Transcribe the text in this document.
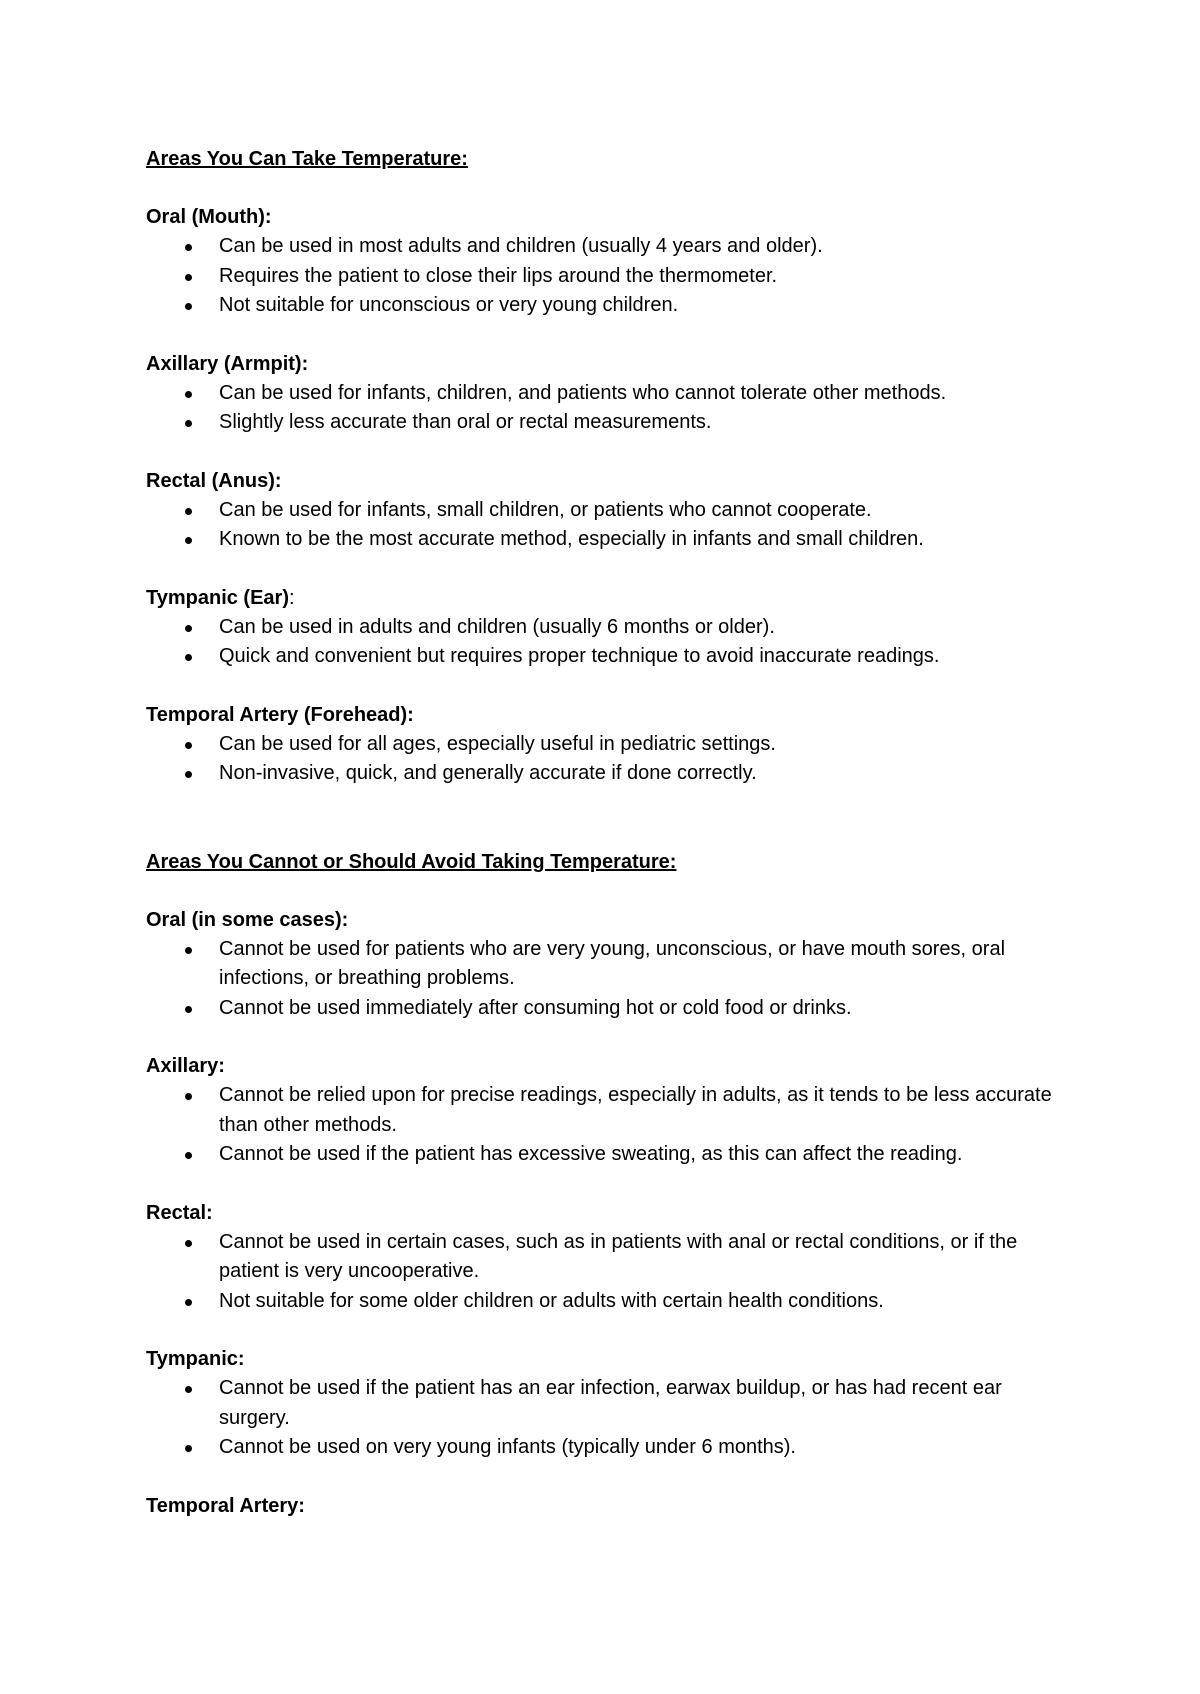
Areas You Can Take Temperature:

Oral (Mouth):

Can be used in most adults and children (usually 4 years and older).
Requires the patient to close their lips around the thermometer.
Not suitable for unconscious or very young children.

Axillary (Armpit):

Can be used for infants, children, and patients who cannot tolerate other methods.
Slightly less accurate than oral or rectal measurements.

Rectal (Anus):

Can be used for infants, small children, or patients who cannot cooperate.
Known to be the most accurate method, especially in infants and small children.

Tympanic (Ear):

Can be used in adults and children (usually 6 months or older).
Quick and convenient but requires proper technique to avoid inaccurate readings.

Temporal Artery (Forehead):

Can be used for all ages, especially useful in pediatric settings.
Non-invasive, quick, and generally accurate if done correctly.

Areas You Cannot or Should Avoid Taking Temperature:

Oral (in some cases):

Cannot be used for patients who are very young, unconscious, or have mouth sores, oral infections, or breathing problems.
Cannot be used immediately after consuming hot or cold food or drinks.

Axillary:

Cannot be relied upon for precise readings, especially in adults, as it tends to be less accurate than other methods.
Cannot be used if the patient has excessive sweating, as this can affect the reading.

Rectal:

Cannot be used in certain cases, such as in patients with anal or rectal conditions, or if the patient is very uncooperative.
Not suitable for some older children or adults with certain health conditions.

Tympanic:

Cannot be used if the patient has an ear infection, earwax buildup, or has had recent ear surgery.
Cannot be used on very young infants (typically under 6 months).

Temporal Artery:
